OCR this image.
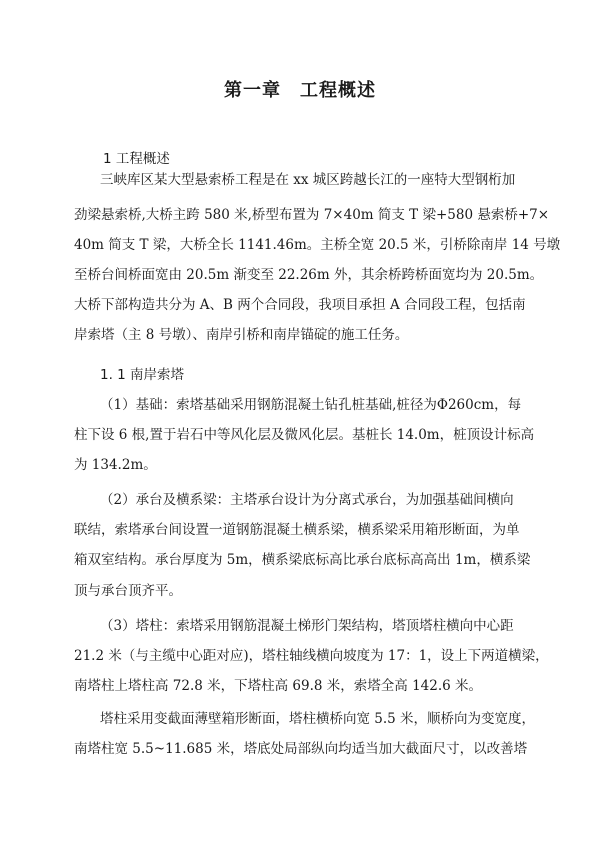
第一章　工程概述
1 工程概述
三峡库区某大型悬索桥工程是在 xx 城区跨越长江的一座特大型钢桁加
劲梁悬索桥,大桥主跨 580 米,桥型布置为 7×40m 简支 T 梁+580 悬索桥+7×
40m 简支 T 梁，大桥全长 1141.46m。主桥全宽 20.5 米，引桥除南岸 14 号墩
至桥台间桥面宽由 20.5m 渐变至 22.26m 外，其余桥跨桥面宽均为 20.5m。
大桥下部构造共分为 A、B 两个合同段，我项目承担 A 合同段工程，包括南
岸索塔（主 8 号墩）、南岸引桥和南岸锚碇的施工任务。
1. 1 南岸索塔
（1）基础：索塔基础采用钢筋混凝土钻孔桩基础,桩径为Φ260cm，每
柱下设 6 根,置于岩石中等风化层及微风化层。基桩长 14.0m，桩顶设计标高
为 134.2m。
（2）承台及横系梁：主塔承台设计为分离式承台，为加强基础间横向
联结，索塔承台间设置一道钢筋混凝土横系梁，横系梁采用箱形断面，为单
箱双室结构。承台厚度为 5m，横系梁底标高比承台底标高高出 1m，横系梁
顶与承台顶齐平。
（3）塔柱：索塔采用钢筋混凝土梯形门架结构，塔顶塔柱横向中心距
21.2 米（与主缆中心距对应)，塔柱轴线横向坡度为 17：1，设上下两道横梁，
南塔柱上塔柱高 72.8 米，下塔柱高 69.8 米，索塔全高 142.6 米。
塔柱采用变截面薄壁箱形断面，塔柱横桥向宽 5.5 米，顺桥向为变宽度，
南塔柱宽 5.5~11.685 米，塔底处局部纵向均适当加大截面尺寸，以改善塔
